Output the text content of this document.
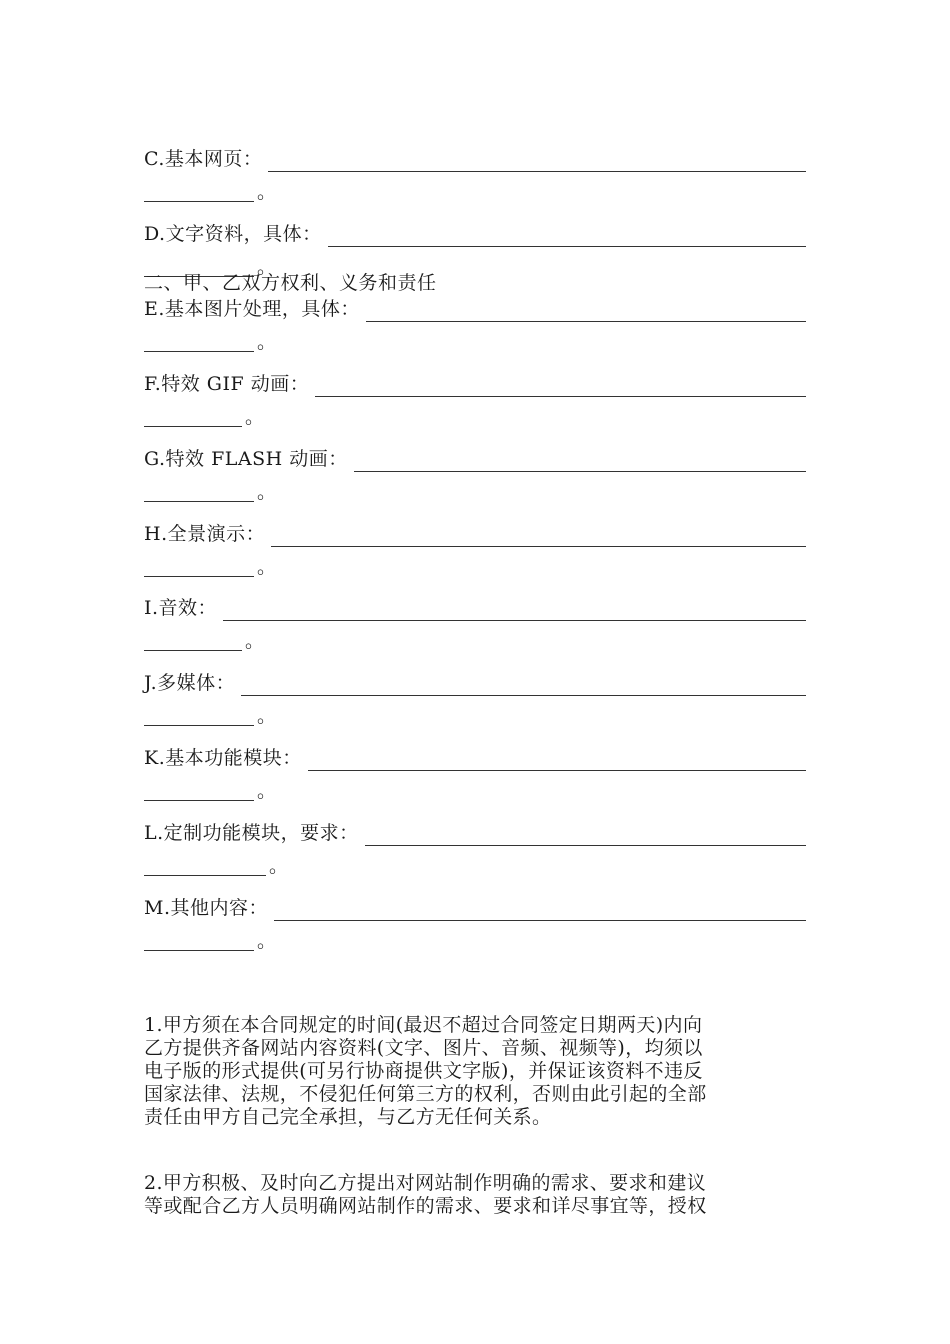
C.基本网页：
。
D.文字资料，具体：
。
E.基本图片处理，具体：
。
F.特效 GIF 动画：
。
G.特效 FLASH 动画：
。
H.全景演示：
。
I.音效：
。
J.多媒体：
。
K.基本功能模块：
。
L.定制功能模块，要求：
。
M.其他内容：
。
二、甲、乙双方权利、义务和责任
1.甲方须在本合同规定的时间(最迟不超过合同签定日期两天)内向
乙方提供齐备网站内容资料(文字、图片、音频、视频等)，均须以
电子版的形式提供(可另行协商提供文字版)，并保证该资料不违反
国家法律、法规，不侵犯任何第三方的权利，否则由此引起的全部
责任由甲方自己完全承担，与乙方无任何关系。
2.甲方积极、及时向乙方提出对网站制作明确的需求、要求和建议
等或配合乙方人员明确网站制作的需求、要求和详尽事宜等，授权
